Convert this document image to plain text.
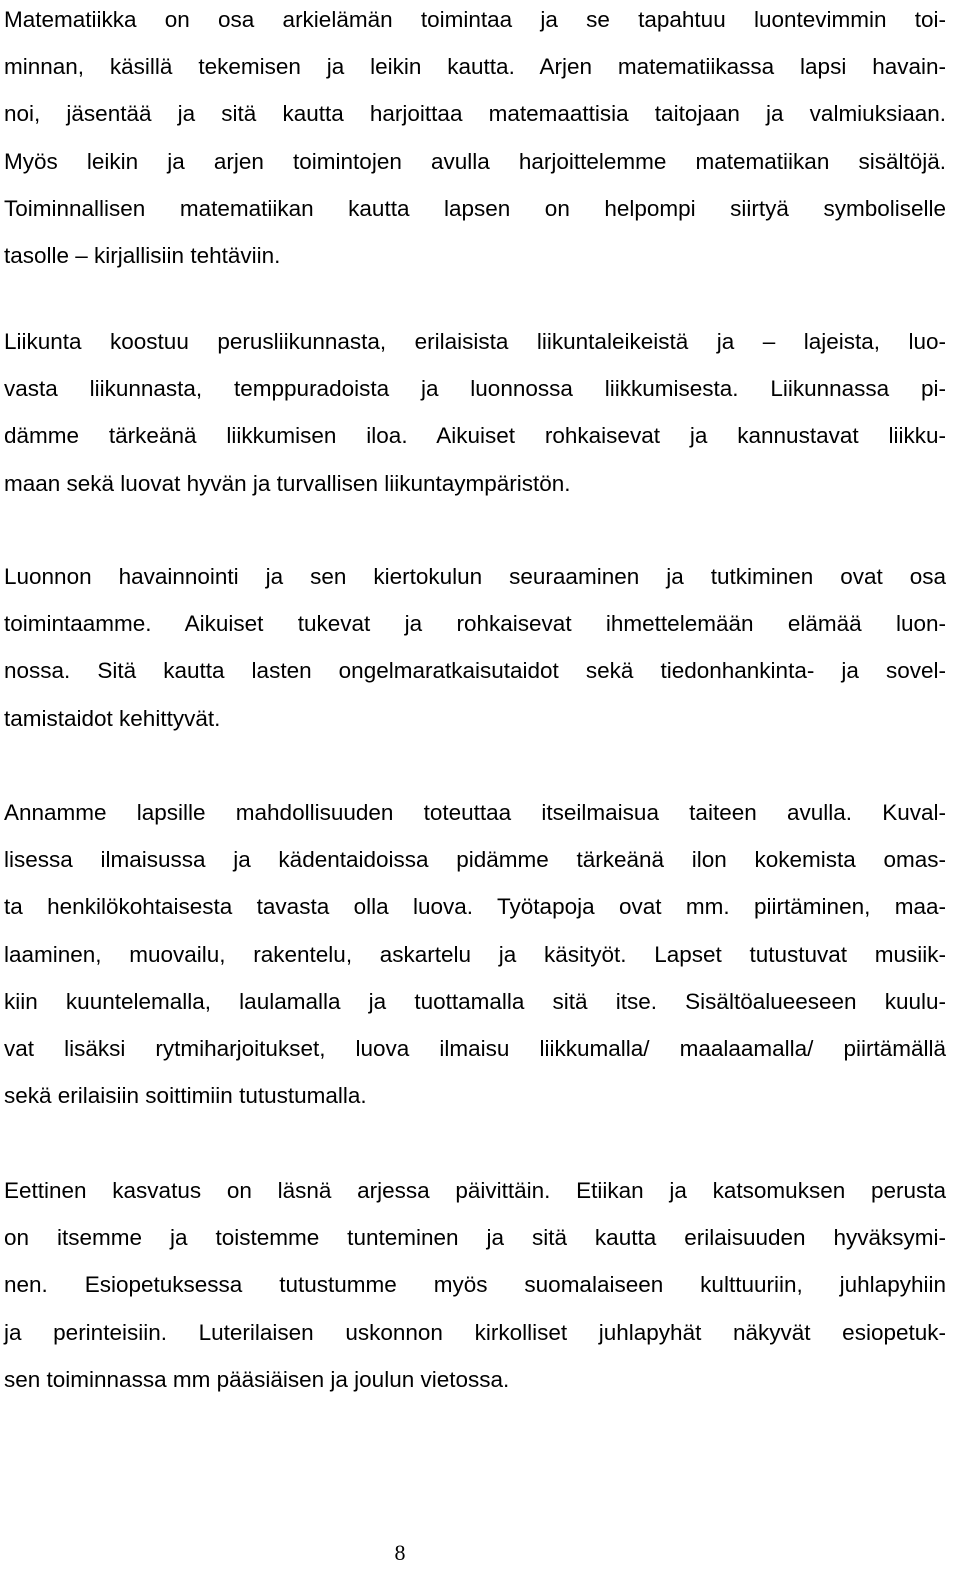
Matematiikka on osa arkielämän toimintaa ja se tapahtuu luontevimmin toi-
minnan, käsillä tekemisen ja leikin kautta. Arjen matematiikassa lapsi havain-
noi, jäsentää ja sitä kautta harjoittaa matemaattisia taitojaan ja valmiuksiaan.
Myös leikin ja arjen toimintojen avulla harjoittelemme matematiikan sisältöjä.
Toiminnallisen matematiikan kautta lapsen on helpompi siirtyä symboliselle
tasolle – kirjallisiin tehtäviin.
Liikunta koostuu perusliikunnasta, erilaisista liikuntaleikeistä ja – lajeista, luo-
vasta liikunnasta, temppuradoista ja luonnossa liikkumisesta. Liikunnassa pi-
dämme tärkeänä liikkumisen iloa. Aikuiset rohkaisevat ja kannustavat liikku-
maan sekä luovat hyvän ja turvallisen liikuntaympäristön.
Luonnon havainnointi ja sen kiertokulun seuraaminen ja tutkiminen ovat osa
toimintaamme. Aikuiset tukevat ja rohkaisevat ihmettelemään elämää luon-
nossa. Sitä kautta lasten ongelmaratkaisutaidot sekä tiedonhankinta- ja sovel-
tamistaidot kehittyvät.
Annamme lapsille mahdollisuuden toteuttaa itseilmaisua taiteen avulla. Kuval-
lisessa ilmaisussa ja kädentaidoissa pidämme tärkeänä ilon kokemista omas-
ta henkilökohtaisesta tavasta olla luova. Työtapoja ovat mm. piirtäminen, maa-
laaminen, muovailu, rakentelu, askartelu ja käsityöt. Lapset tutustuvat musiik-
kiin kuuntelemalla, laulamalla ja tuottamalla sitä itse. Sisältöalueeseen kuulu-
vat lisäksi rytmiharjoitukset, luova ilmaisu liikkumalla/ maalaamalla/ piirtämällä
sekä erilaisiin soittimiin tutustumalla.
Eettinen kasvatus on läsnä arjessa päivittäin. Etiikan ja katsomuksen perusta
on itsemme ja toistemme tunteminen ja sitä kautta erilaisuuden hyväksymi-
nen. Esiopetuksessa tutustumme myös suomalaiseen kulttuuriin, juhlapyhiin
ja perinteisiin. Luterilaisen uskonnon kirkolliset juhlapyhät näkyvät esiopetuk-
sen toiminnassa mm pääsiäisen ja joulun vietossa.
8
